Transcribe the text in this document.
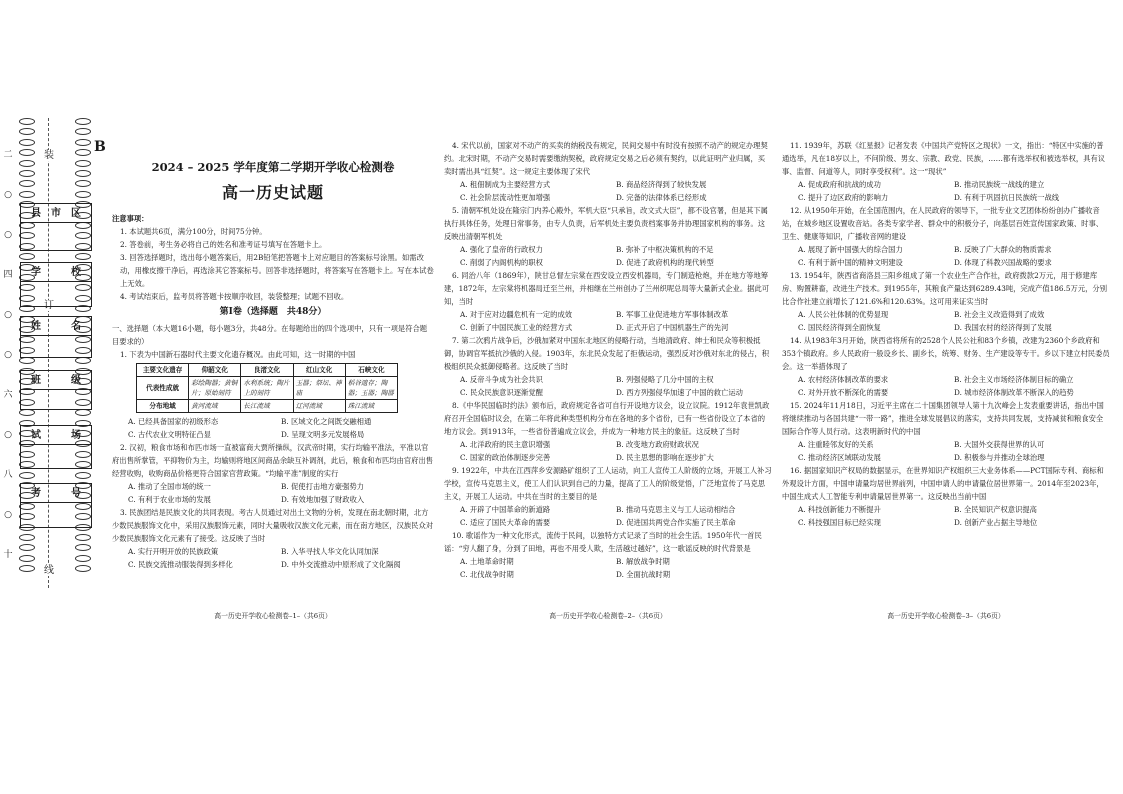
二
○
○
四
○
○
六
○
八
○
十
订
装
线
县市区
学　校
姓　名
班　级
试　场
考　号
B
2024 – 2025 学年度第二学期开学收心检测卷
高一历史试题

注意事项：

1. 本试题共6页，满分100分，时间75分钟。

2. 答卷前，考生务必将自己的姓名和准考证号填写在答题卡上。

3. 回答选择题时，选出每小题答案后，用2B铅笔把答题卡上对应题目的答案标号涂黑。如需改动，用橡皮擦干净后，再选涂其它答案标号。回答非选择题时，将答案写在答题卡上。写在本试卷上无效。

4. 考试结束后，监考员将答题卡按顺序收回，装袋整理；试题不回收。

第Ⅰ卷（选择题　共48分）

一、选择题（本大题16小题，每小题3分，共48分。在每题给出的四个选项中，只有一项是符合题目要求的）

1. 下表为中国新石器时代主要文化遗存概况。由此可知，这一时期的中国

主要文化遗存	仰韶文化	良渚文化	红山文化	石峡文化
代表性成就	彩绘陶器；黄铜片；原始刻符	水利系统；陶片上的刻符	玉器；祭坛、神庙	稻谷遗存；陶器；玉器；陶器
分布地域	黄河流域	长江流域	辽河流域	珠江流域
A. 已经具备国家的初级形态	B. 区域文化之间既交融相通
C. 古代农业文明特征凸显	D. 呈现文明多元发展格局

2. 汉初，粮食市场和布匹市场一直被富商大贾所操纵，汉武帝时期，实行均输平准法，平准以官府出售所掌管，平抑物价为主，均输则将地区间商品余缺互补调剂，此后，粮食和布匹均由官府出售经营收购，收购商品价格更符合国家官营政策。“均输平准”制度的实行

A. 推动了全国市场的统一	B. 促使打击地方豪强势力
C. 有利于农业市场的发展	D. 有效地加强了财政收入

3. 民族团结是民族文化的共同表现。考古人员通过对出土文物的分析，发现在南北朝时期，北方少数民族服饰文化中，采用汉族服饰元素，同时大量吸收汉族文化元素，而在南方地区，汉族民众对少数民族服饰文化元素有了接受。这反映了当时

A. 实行开明开放的民族政策	B. 入华寻找人华文化认同加深
C. 民族交流推动服装得到多样化	D. 中外交流推动中原形成了文化隔阂

4. 宋代以前，国家对不动产的买卖的纳税没有规定，民间交易中有时没有按照不动产的规定办理契约。北宋时期，不动产交易时需要缴纳契税，政府规定交易之后必须有契约，以此证明产业归属，买卖时需出具“红契”。这一规定主要体现了宋代

A. 租佃制成为主要经营方式	B. 商品经济得到了较快发展
C. 社会阶层流动性更加增强	D. 完备的法律体系已经形成

5. 清朝军机处设在隆宗门内养心殿外，军机大臣“只承旨，改文式大臣”，都不设官署，但是其下属执行具体任务，处理日常事务，由专人负责，后军机处主要负责档案事务并协理国家机构的事务。这反映出清朝军机处

A. 强化了皇帝的行政权力	B. 弥补了中枢决策机构的不足
C. 削弱了内阁机构的职权	D. 促进了政府机构的现代转型

6. 同治八年（1869年），陕甘总督左宗棠在西安设立西安机器局，专门制造枪炮，并在地方等地筹建，1872年，左宗棠将机器局迁至兰州，并相继在兰州创办了兰州织呢总局等大量新式企业。据此可知，当时

A. 对于应对边疆危机有一定的成效	B. 军事工业促进地方军事体制改革
C. 创新了中国民族工业的经营方式	D. 正式开启了中国机器生产的先河

7. 第二次鸦片战争后，沙俄加紧对中国东北地区的侵略行动，当地清政府、绅士和民众等积极抵御，协调官军抵抗沙俄的入侵。1903年，东北民众发起了拒俄运动，强烈反对沙俄对东北的侵占，积极组织民众抵御侵略者。这反映了当时

A. 反帝斗争成为社会共识	B. 列强侵略了几分中国的主权
C. 民众民族意识逐渐觉醒	D. 西方列强侵华加速了中国的救亡运动

8.《中华民国临时约法》颁布后，政府规定各省可自行开设地方议会，设立议院。1912年袁世凯政府召开全国临时议会，在第二年将此种类型机构分布在各地的多个省份，已有一些省份设立了本省的地方议会。到1913年，一些省份普遍成立议会，并成为一种地方民主的象征。这反映了当时

A. 北洋政府的民主意识增强	B. 改变地方政府财政状况
C. 国家的政治体制逐步完善	D. 民主思想的影响在逐步扩大

9. 1922年，中共在江西萍乡安源路矿组织了工人运动，向工人宣传工人阶级的立场，开展工人补习学校，宣传马克思主义，使工人们认识到自己的力量，提高了工人的阶级觉悟，广泛地宣传了马克思主义，开展工人运动。中共在当时的主要目的是

A. 开辟了中国革命的新道路	B. 推动马克思主义与工人运动相结合
C. 适应了国民大革命的需要	D. 促进国共两党合作实施了民主革命

10. 歌谣作为一种文化形式，流传于民间，以独特方式记录了当时的社会生活。1950年代一首民谣：“穷人翻了身，分到了田地，再也不用受人欺，生活越过越好”，这一歌谣反映的时代背景是

A. 土地革命时期	B. 解放战争时期
C. 北伐战争时期	D. 全面抗战时期

11. 1939年，苏联《红星报》记者发表《中国共产党特区之现状》一文，指出：“特区中实施的普通选举，凡在18岁以上，不问阶级、男女、宗教、政党、民族，……都有选举权和被选举权，具有议事、监督、问道等人，同时享受权利”。这一“现状”

A. 促成政府和抗战的成功	B. 推动民族统一战线的建立
C. 提升了边区政府的影响力	D. 有利于巩固抗日民族统一战线

12. 从1950年开始，在全国范围内，在人民政府的领导下，一批专业文艺团体纷纷创办广播收音站，在城乡地区设置收音站。各类专家学者、群众中的积极分子，向基层百姓宣传国家政策、时事、卫生、健康等知识，广播收音网的建设

A. 展现了新中国强大的综合国力	B. 反映了广大群众的物质需求
C. 有利于新中国的精神文明建设	D. 体现了科教兴国战略的要求

13. 1954年，陕西省商洛县三阳乡组成了第一个农业生产合作社，政府拨款2万元，用于修建库房、购置耕畜，改进生产技术。到1955年，其粮食产量达到6289.43吨，完成产值186.5万元，分别比合作社建立前增长了121.6%和120.63%。这可用来证实当时

A. 人民公社体制的优势显现	B. 社会主义改造得到了成效
C. 国民经济得到全面恢复	D. 我国农村的经济得到了发展

14. 从1983年3月开始，陕西省将所有的2528个人民公社和83个乡镇，改建为2360个乡政府和353个镇政府。乡人民政府一般设乡长、副乡长，统筹、财务、生产建设等专干。乡以下建立村民委员会。这一举措体现了

A. 农村经济体制改革的要求	B. 社会主义市场经济体制目标的确立
C. 对外开放不断深化的需要	D. 城市经济体制改革不断深入的趋势

15. 2024年11月18日，习近平主席在二十国集团领导人第十九次峰会上发表重要讲话，指出中国将继续推动与各国共建“一带一路”，推进全球发展倡议的落实，支持共同发展，支持减贫和粮食安全国际合作等人员行动。这表明新时代的中国

A. 注重睦邻友好的关系	B. 大国外交获得世界的认可
C. 推动经济区域联动发展	D. 积极参与并推动全球治理

16. 据国家知识产权局的数据显示，在世界知识产权组织三大业务体系——PCT国际专利、商标和外观设计方面，中国申请量均居世界前列，中国申请人的申请量位居世界第一。2014年至2023年，中国生成式人工智能专利申请量居世界第一。这反映出当前中国

A. 科技创新能力不断提升	B. 全民知识产权意识提高
C. 科技强国目标已经实现	D. 创新产业占据主导地位
高一历史开学收心检测卷–1–（共6页）	高一历史开学收心检测卷–2–（共6页）	高一历史开学收心检测卷–3–（共6页）
